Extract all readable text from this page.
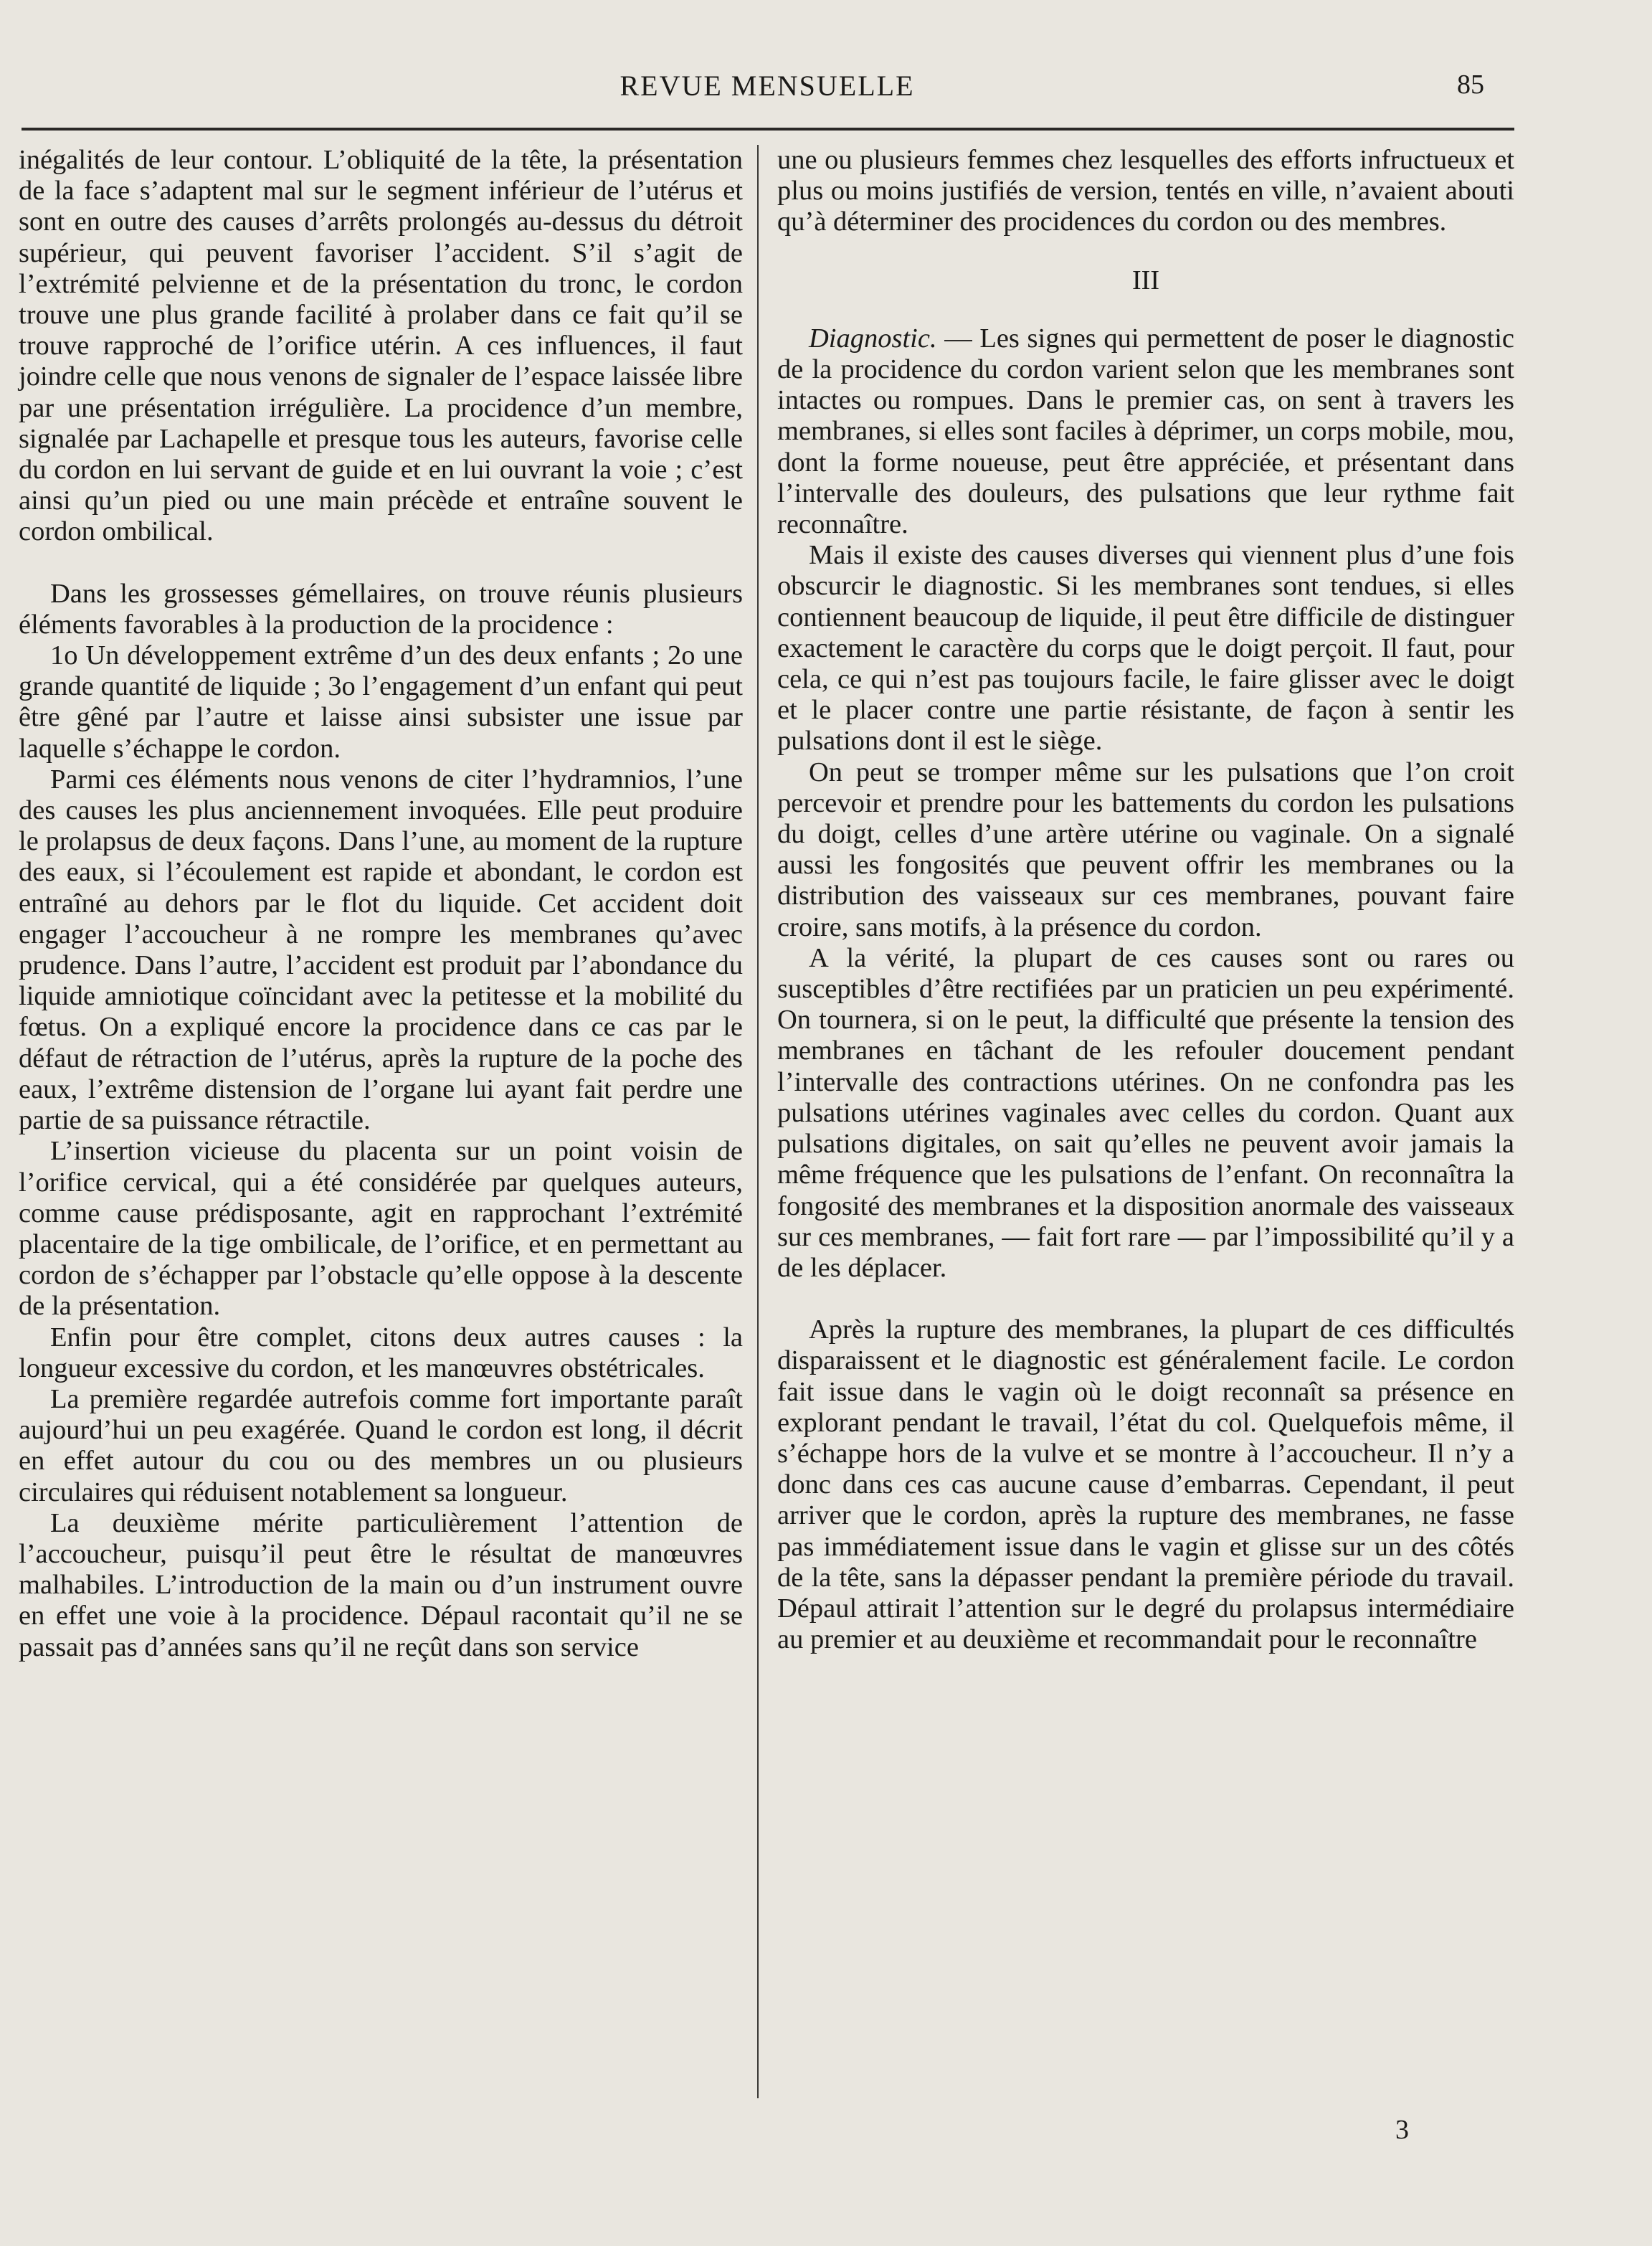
REVUE MENSUELLE	85

inégalités de leur contour. L’obliquité de la tête, la présentation de la face s’adaptent mal sur le segment inférieur de l’utérus et sont en outre des causes d’arrêts prolongés au-dessus du détroit supérieur, qui peuvent favoriser l’accident. S’il s’agit de l’extrémité pelvienne et de la présentation du tronc, le cordon trouve une plus grande facilité à prolaber dans ce fait qu’il se trouve rapproché de l’orifice utérin. A ces influences, il faut joindre celle que nous venons de signaler de l’espace laissée libre par une présentation irrégulière. La procidence d’un membre, signalée par Lachapelle et presque tous les auteurs, favorise celle du cordon en lui servant de guide et en lui ouvrant la voie ; c’est ainsi qu’un pied ou une main précède et entraîne souvent le cordon ombilical.

Dans les grossesses gémellaires, on trouve réunis plusieurs éléments favorables à la production de la procidence :

1o Un développement extrême d’un des deux enfants ; 2o une grande quantité de liquide ; 3o l’engagement d’un enfant qui peut être gêné par l’autre et laisse ainsi subsister une issue par laquelle s’échappe le cordon.

Parmi ces éléments nous venons de citer l’hydramnios, l’une des causes les plus anciennement invoquées. Elle peut produire le prolapsus de deux façons. Dans l’une, au moment de la rupture des eaux, si l’écoulement est rapide et abondant, le cordon est entraîné au dehors par le flot du liquide. Cet accident doit engager l’accoucheur à ne rompre les membranes qu’avec prudence. Dans l’autre, l’accident est produit par l’abondance du liquide amniotique coïncidant avec la petitesse et la mobilité du fœtus. On a expliqué encore la procidence dans ce cas par le défaut de rétraction de l’utérus, après la rupture de la poche des eaux, l’extrême distension de l’organe lui ayant fait perdre une partie de sa puissance rétractile.

L’insertion vicieuse du placenta sur un point voisin de l’orifice cervical, qui a été considérée par quelques auteurs, comme cause prédisposante, agit en rapprochant l’extrémité placentaire de la tige ombilicale, de l’orifice, et en permettant au cordon de s’échapper par l’obstacle qu’elle oppose à la descente de la présentation.

Enfin pour être complet, citons deux autres causes : la longueur excessive du cordon, et les manœuvres obstétricales.

La première regardée autrefois comme fort importante paraît aujourd’hui un peu exagérée. Quand le cordon est long, il décrit en effet autour du cou ou des membres un ou plusieurs circulaires qui réduisent notablement sa longueur.

La deuxième mérite particulièrement l’attention de l’accoucheur, puisqu’il peut être le résultat de manœuvres malhabiles. L’introduction de la main ou d’un instrument ouvre en effet une voie à la procidence. Dépaul racontait qu’il ne se passait pas d’années sans qu’il ne reçût dans son service

une ou plusieurs femmes chez lesquelles des efforts infructueux et plus ou moins justifiés de version, tentés en ville, n’avaient abouti qu’à déterminer des procidences du cordon ou des membres.

III

Diagnostic. — Les signes qui permettent de poser le diagnostic de la procidence du cordon varient selon que les membranes sont intactes ou rompues. Dans le premier cas, on sent à travers les membranes, si elles sont faciles à déprimer, un corps mobile, mou, dont la forme noueuse, peut être appréciée, et présentant dans l’intervalle des douleurs, des pulsations que leur rythme fait reconnaître.

Mais il existe des causes diverses qui viennent plus d’une fois obscurcir le diagnostic. Si les membranes sont tendues, si elles contiennent beaucoup de liquide, il peut être difficile de distinguer exactement le caractère du corps que le doigt perçoit. Il faut, pour cela, ce qui n’est pas toujours facile, le faire glisser avec le doigt et le placer contre une partie résistante, de façon à sentir les pulsations dont il est le siège.

On peut se tromper même sur les pulsations que l’on croit percevoir et prendre pour les battements du cordon les pulsations du doigt, celles d’une artère utérine ou vaginale. On a signalé aussi les fongosités que peuvent offrir les membranes ou la distribution des vaisseaux sur ces membranes, pouvant faire croire, sans motifs, à la présence du cordon.

A la vérité, la plupart de ces causes sont ou rares ou susceptibles d’être rectifiées par un praticien un peu expérimenté. On tournera, si on le peut, la difficulté que présente la tension des membranes en tâchant de les refouler doucement pendant l’intervalle des contractions utérines. On ne confondra pas les pulsations utérines vaginales avec celles du cordon. Quant aux pulsations digitales, on sait qu’elles ne peuvent avoir jamais la même fréquence que les pulsations de l’enfant. On reconnaîtra la fongosité des membranes et la disposition anormale des vaisseaux sur ces membranes, — fait fort rare — par l’impossibilité qu’il y a de les déplacer.

Après la rupture des membranes, la plupart de ces difficultés disparaissent et le diagnostic est généralement facile. Le cordon fait issue dans le vagin où le doigt reconnaît sa présence en explorant pendant le travail, l’état du col. Quelquefois même, il s’échappe hors de la vulve et se montre à l’accoucheur. Il n’y a donc dans ces cas aucune cause d’embarras. Cependant, il peut arriver que le cordon, après la rupture des membranes, ne fasse pas immédiatement issue dans le vagin et glisse sur un des côtés de la tête, sans la dépasser pendant la première période du travail. Dépaul attirait l’attention sur le degré du prolapsus intermédiaire au premier et au deuxième et recommandait pour le reconnaître

3
